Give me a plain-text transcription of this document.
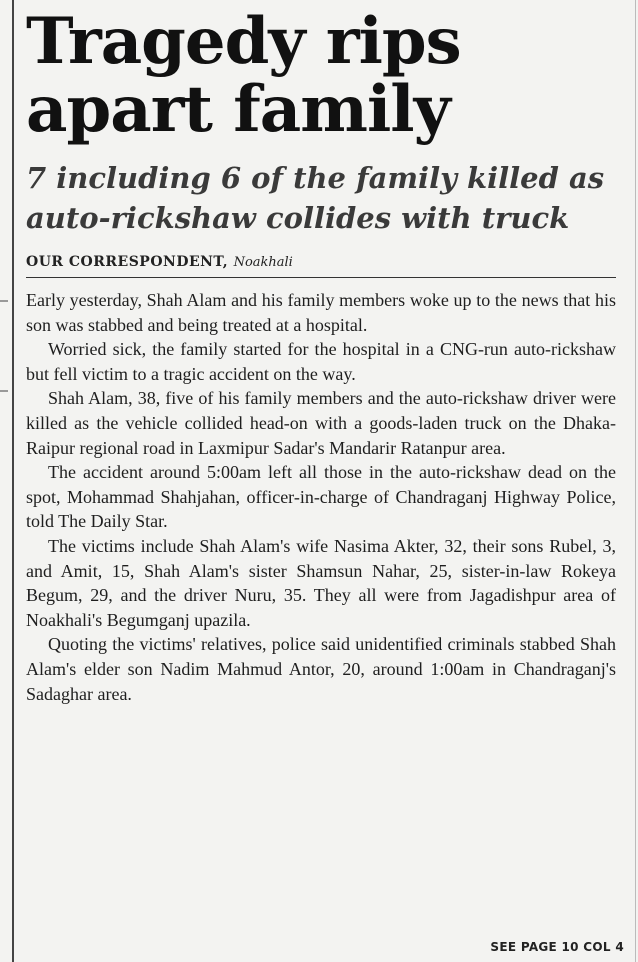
Tragedy rips apart family
7 including 6 of the family killed as auto-rickshaw collides with truck
OUR CORRESPONDENT, Noakhali

Early yesterday, Shah Alam and his family members woke up to the news that his son was stabbed and being treated at a hospital.

Worried sick, the family started for the hospital in a CNG-run auto-rickshaw but fell victim to a tragic accident on the way.

Shah Alam, 38, five of his family members and the auto-rickshaw driver were killed as the vehicle collided head-on with a goods-laden truck on the Dhaka-Raipur regional road in Laxmipur Sadar's Mandarir Ratanpur area.

The accident around 5:00am left all those in the auto-rickshaw dead on the spot, Mohammad Shahjahan, officer-in-charge of Chandraganj Highway Police, told The Daily Star.

The victims include Shah Alam's wife Nasima Akter, 32, their sons Rubel, 3, and Amit, 15, Shah Alam's sister Shamsun Nahar, 25, sister-in-law Rokeya Begum, 29, and the driver Nuru, 35. They all were from Jagadishpur area of Noakhali's Begumganj upazila.

Quoting the victims' relatives, police said unidentified criminals stabbed Shah Alam's elder son Nadim Mahmud Antor, 20, around 1:00am in Chandraganj's Sadaghar area.

SEE PAGE 10 COL 4
